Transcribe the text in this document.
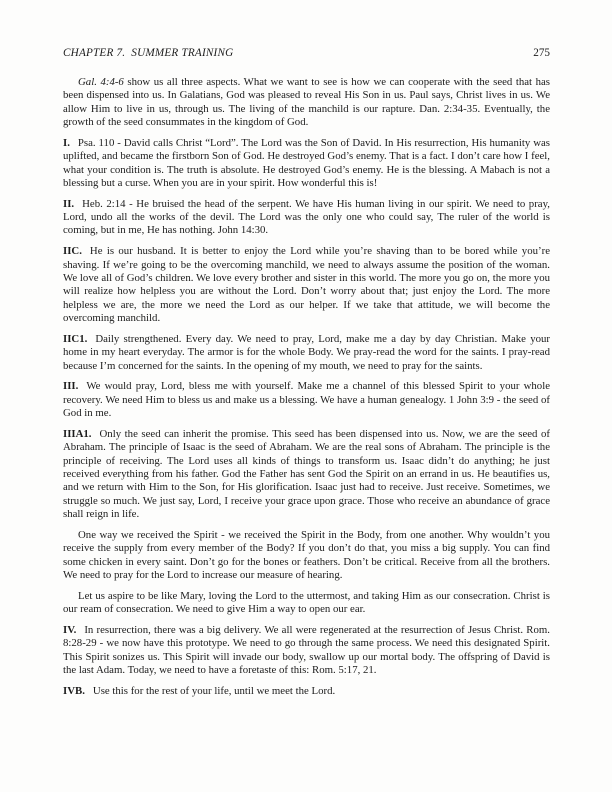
CHAPTER 7.  SUMMER TRAINING	275

Gal. 4:4-6 show us all three aspects. What we want to see is how we can cooperate with the seed that has been dispensed into us. In Galatians, God was pleased to reveal His Son in us. Paul says, Christ lives in us. We allow Him to live in us, through us. The living of the manchild is our rapture. Dan. 2:34-35. Eventually, the growth of the seed consummates in the kingdom of God.

I. Psa. 110 - David calls Christ “Lord”. The Lord was the Son of David. In His resurrection, His humanity was uplifted, and became the firstborn Son of God. He destroyed God’s enemy. That is a fact. I don’t care how I feel, what your condition is. The truth is absolute. He destroyed God’s enemy. He is the blessing. A Mabach is not a blessing but a curse. When you are in your spirit. How wonderful this is!

II. Heb. 2:14 - He bruised the head of the serpent. We have His human living in our spirit. We need to pray, Lord, undo all the works of the devil. The Lord was the only one who could say, The ruler of the world is coming, but in me, He has nothing. John 14:30.

IIC. He is our husband. It is better to enjoy the Lord while you’re shaving than to be bored while you’re shaving. If we’re going to be the overcoming manchild, we need to always assume the position of the woman. We love all of God’s children. We love every brother and sister in this world. The more you go on, the more you will realize how helpless you are without the Lord. Don’t worry about that; just enjoy the Lord. The more helpless we are, the more we need the Lord as our helper. If we take that attitude, we will become the overcoming manchild.

IIC1. Daily strengthened. Every day. We need to pray, Lord, make me a day by day Christian. Make your home in my heart everyday. The armor is for the whole Body. We pray-read the word for the saints. I pray-read because I’m concerned for the saints. In the opening of my mouth, we need to pray for the saints.

III. We would pray, Lord, bless me with yourself. Make me a channel of this blessed Spirit to your whole recovery. We need Him to bless us and make us a blessing. We have a human genealogy. 1 John 3:9 - the seed of God in me.

IIIA1. Only the seed can inherit the promise. This seed has been dispensed into us. Now, we are the seed of Abraham. The principle of Isaac is the seed of Abraham. We are the real sons of Abraham. The principle is the principle of receiving. The Lord uses all kinds of things to transform us. Isaac didn’t do anything; he just received everything from his father. God the Father has sent God the Spirit on an errand in us. He beautifies us, and we return with Him to the Son, for His glorification. Isaac just had to receive. Just receive. Sometimes, we struggle so much. We just say, Lord, I receive your grace upon grace. Those who receive an abundance of grace shall reign in life.

One way we received the Spirit - we received the Spirit in the Body, from one another. Why wouldn’t you receive the supply from every member of the Body? If you don’t do that, you miss a big supply. You can find some chicken in every saint. Don’t go for the bones or feathers. Don’t be critical. Receive from all the brothers. We need to pray for the Lord to increase our measure of hearing.

Let us aspire to be like Mary, loving the Lord to the uttermost, and taking Him as our consecration. Christ is our ream of consecration. We need to give Him a way to open our ear.

IV. In resurrection, there was a big delivery. We all were regenerated at the resurrection of Jesus Christ. Rom. 8:28-29 - we now have this prototype. We need to go through the same process. We need this designated Spirit. This Spirit sonizes us. This Spirit will invade our body, swallow up our mortal body. The offspring of David is the last Adam. Today, we need to have a foretaste of this: Rom. 5:17, 21.

IVB. Use this for the rest of your life, until we meet the Lord.
